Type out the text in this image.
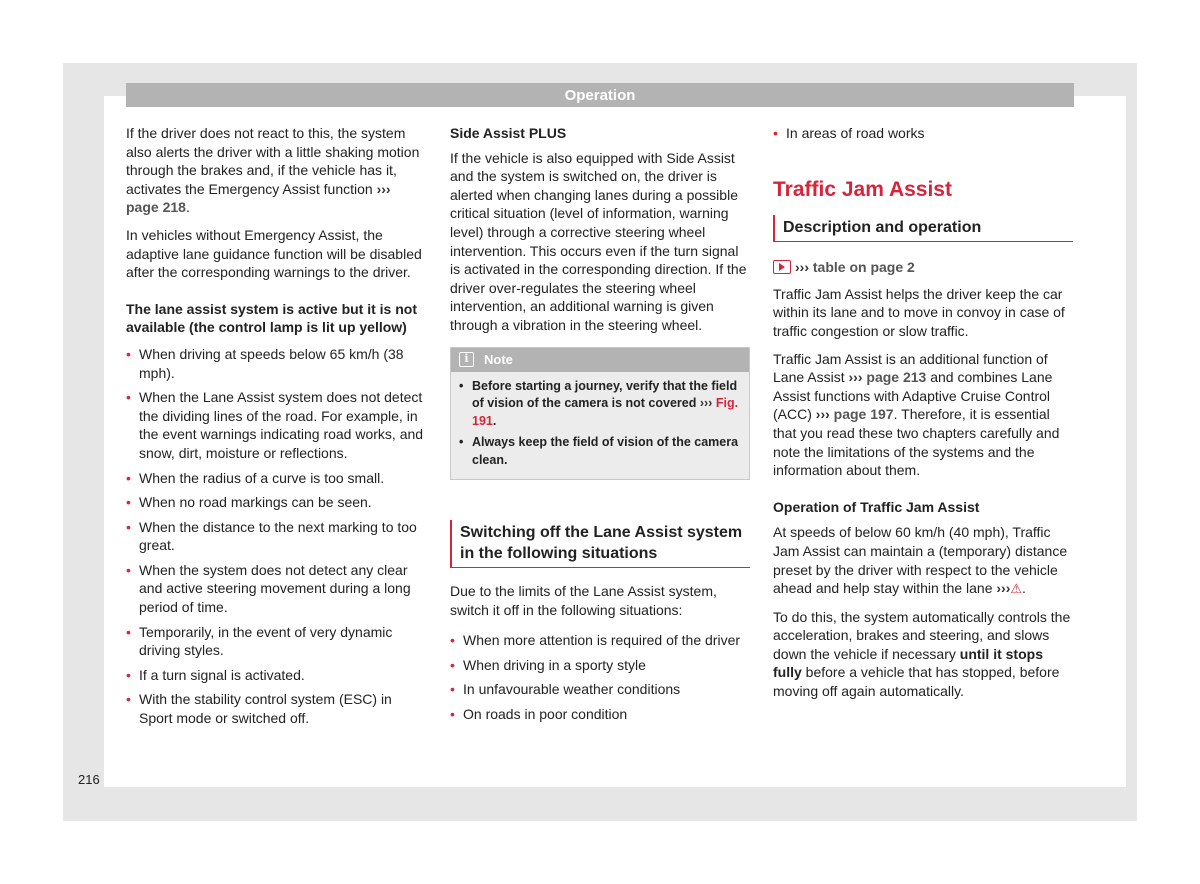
Operation

If the driver does not react to this, the system also alerts the driver with a little shaking motion through the brakes and, if the vehicle has it, activates the Emergency Assist function ››› page 218.

In vehicles without Emergency Assist, the adaptive lane guidance function will be disabled after the corresponding warnings to the driver.

The lane assist system is active but it is not available (the control lamp is lit up yellow)

• When driving at speeds below 65 km/h (38 mph).
• When the Lane Assist system does not detect the dividing lines of the road. For example, in the event warnings indicating road works, and snow, dirt, moisture or reflections.
• When the radius of a curve is too small.
• When no road markings can be seen.
• When the distance to the next marking to too great.
• When the system does not detect any clear and active steering movement during a long period of time.
• Temporarily, in the event of very dynamic driving styles.
• If a turn signal is activated.
• With the stability control system (ESC) in Sport mode or switched off.
Side Assist PLUS

If the vehicle is also equipped with Side Assist and the system is switched on, the driver is alerted when changing lanes during a possible critical situation (level of information, warning level) through a corrective steering wheel intervention. This occurs even if the turn signal is activated in the corresponding direction. If the driver over-regulates the steering wheel intervention, an additional warning is given through a vibration in the steering wheel.

i	Note
• Before starting a journey, verify that the field of vision of the camera is not covered ››› Fig. 191.
• Always keep the field of vision of the camera clean.
Switching off the Lane Assist system in the following situations

Due to the limits of the Lane Assist system, switch it off in the following situations:

• When more attention is required of the driver
• When driving in a sporty style
• In unfavourable weather conditions
• On roads in poor condition
• In areas of road works
Traffic Jam Assist
Description and operation

››› table on page 2

Traffic Jam Assist helps the driver keep the car within its lane and to move in convoy in case of traffic congestion or slow traffic.

Traffic Jam Assist is an additional function of Lane Assist ››› page 213 and combines Lane Assist functions with Adaptive Cruise Control (ACC) ››› page 197. Therefore, it is essential that you read these two chapters carefully and note the limitations of the systems and the information about them.

Operation of Traffic Jam Assist

At speeds of below 60 km/h (40 mph), Traffic Jam Assist can maintain a (temporary) distance preset by the driver with respect to the vehicle ahead and help stay within the lane ›››⚠.

To do this, the system automatically controls the acceleration, brakes and steering, and slows down the vehicle if necessary until it stops fully before a vehicle that has stopped, before moving off again automatically.

216
